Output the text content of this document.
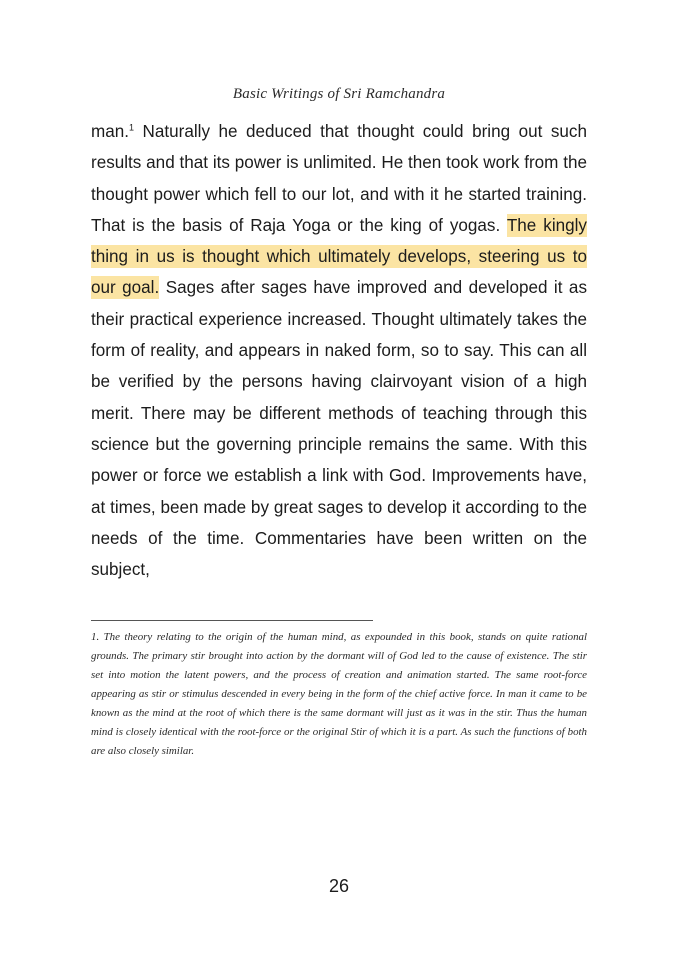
Basic Writings of Sri Ramchandra

man.$^1$ Naturally he deduced that thought could bring out such results and that its power is unlimited. He then took work from the thought power which fell to our lot, and with it he started training. That is the basis of Raja Yoga or the king of yogas. The kingly thing in us is thought which ultimately develops, steering us to our goal. Sages after sages have improved and developed it as their practical experience increased. Thought ultimately takes the form of reality, and appears in naked form, so to say. This can all be verified by the persons having clairvoyant vision of a high merit. There may be different methods of teaching through this science but the governing principle remains the same. With this power or force we establish a link with God. Improvements have, at times, been made by great sages to develop it according to the needs of the time. Commentaries have been written on the subject,

1. The theory relating to the origin of the human mind, as expounded in this book, stands on quite rational grounds. The primary stir brought into action by the dormant will of God led to the cause of existence. The stir set into motion the latent powers, and the process of creation and animation started. The same root-force appearing as stir or stimulus descended in every being in the form of the chief active force. In man it came to be known as the mind at the root of which there is the same dormant will just as it was in the stir. Thus the human mind is closely identical with the root-force or the original Stir of which it is a part. As such the functions of both are also closely similar.

26
